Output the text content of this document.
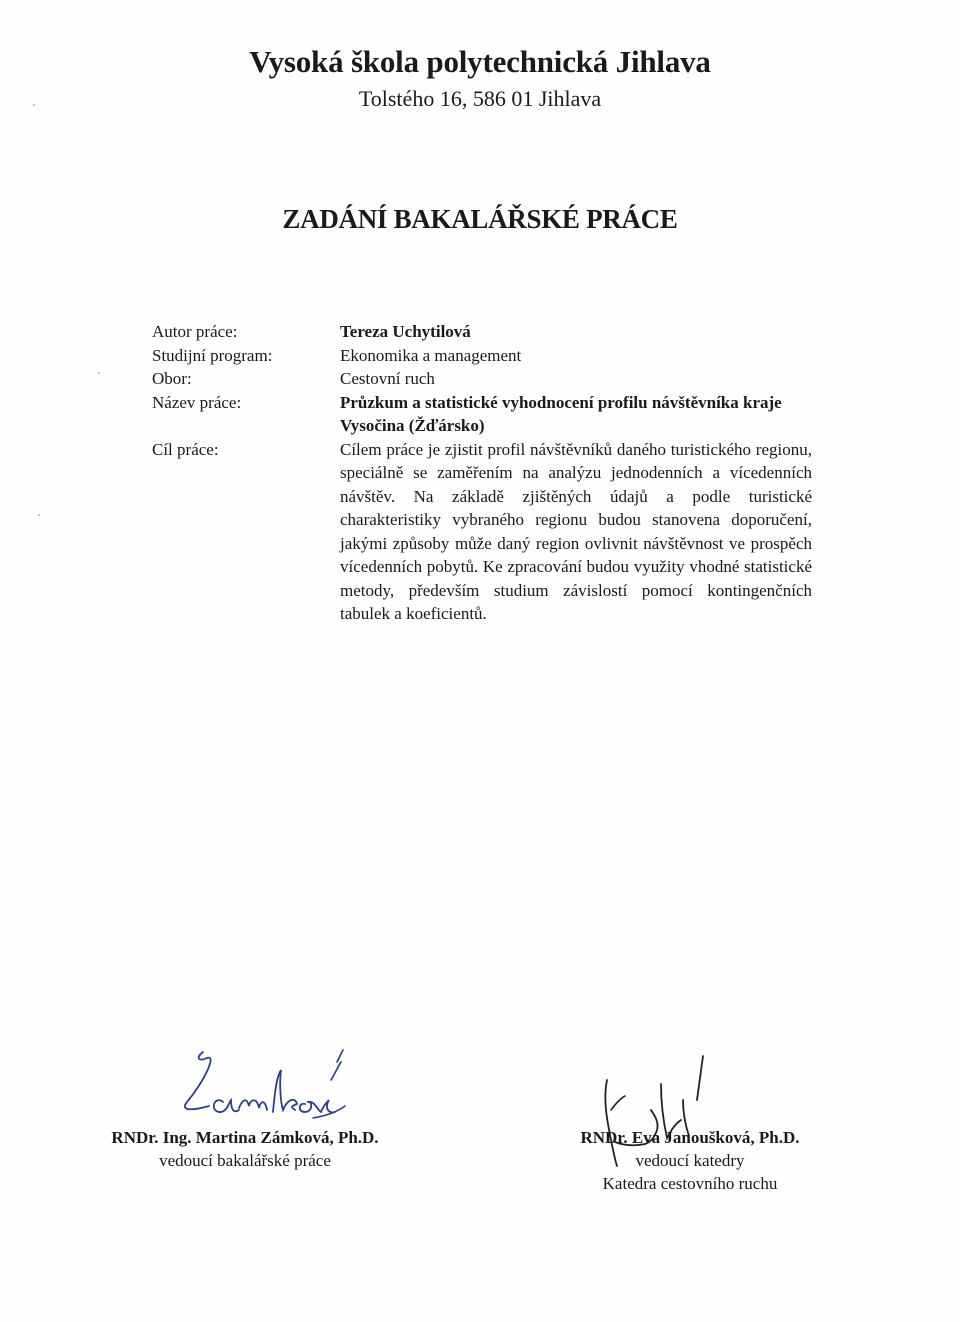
Vysoká škola polytechnická Jihlava
Tolstého 16, 586 01 Jihlava
ZADÁNÍ BAKALÁŘSKÉ PRÁCE
Autor práce:	Tereza Uchytilová
Studijní program:	Ekonomika a management
Obor:	Cestovní ruch
Název práce:	Průzkum a statistické vyhodnocení profilu návštěvníka kraje
Vysočina (Žďársko)
Cíl práce:	Cílem práce je zjistit profil návštěvníků daného turistického regionu, speciálně se zaměřením na analýzu jednodenních a vícedenních návštěv. Na základě zjištěných údajů a podle turistické charakteristiky vybraného regionu budou stanovena doporučení, jakými způsoby může daný region ovlivnit návštěvnost ve prospěch vícedenních pobytů. Ke zpracování budou využity vhodné statistické metody, především studium závislostí pomocí kontingenčních tabulek a koeficientů.
RNDr. Ing. Martina Zámková, Ph.D.
vedoucí bakalářské práce
RNDr. Eva Janoušková, Ph.D.
vedoucí katedry
Katedra cestovního ruchu
